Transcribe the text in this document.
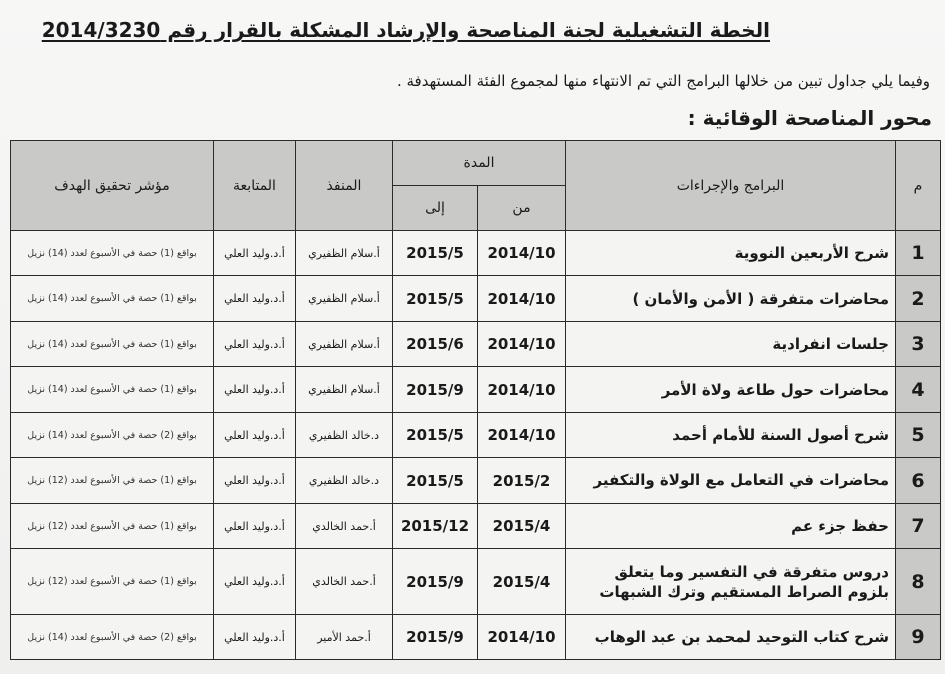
الخطة التشغيلية لجنة المناصحة والإرشاد المشكلة بالقرار رقم 2014/3230
وفيما يلي جداول تبين من خلالها البرامج التي تم الانتهاء منها لمجموع الفئة المستهدفة .
محور المناصحة الوقائية :
م	البرامج والإجراءات	المدة		المنفذ	المتابعة	مؤشر تحقيق الهدف
		من	إلى			
1	شرح الأربعين النووية	2014/10	2015/5	أ.سلام الظفيري	أ.د.وليد العلي	بواقع (1) حصة في الأسبوع لعدد (14) نزيل
2	محاضرات متفرقة ( الأمن والأمان )	2014/10	2015/5	أ.سلام الظفيري	أ.د.وليد العلي	بواقع (1) حصة في الأسبوع لعدد (14) نزيل
3	جلسات انفرادية	2014/10	2015/6	أ.سلام الظفيري	أ.د.وليد العلي	بواقع (1) حصة في الأسبوع لعدد (14) نزيل
4	محاضرات حول طاعة ولاة الأمر	2014/10	2015/9	أ.سلام الظفيري	أ.د.وليد العلي	بواقع (1) حصة في الأسبوع لعدد (14) نزيل
5	شرح أصول السنة للأمام أحمد	2014/10	2015/5	د.خالد الظفيري	أ.د.وليد العلي	بواقع (2) حصة في الأسبوع لعدد (14) نزيل
6	محاضرات في التعامل مع الولاة والتكفير	2015/2	2015/5	د.خالد الظفيري	أ.د.وليد العلي	بواقع (1) حصة في الأسبوع لعدد (12) نزيل
7	حفظ جزء عم	2015/4	2015/12	أ.حمد الخالدي	أ.د.وليد العلي	بواقع (1) حصة في الأسبوع لعدد (12) نزيل
8	دروس متفرقة في التفسير وما يتعلق بلزوم الصراط المستقيم وترك الشبهات	2015/4	2015/9	أ.حمد الخالدي	أ.د.وليد العلي	بواقع (1) حصة في الأسبوع لعدد (12) نزيل
9	شرح كتاب التوحيد لمحمد بن عبد الوهاب	2014/10	2015/9	أ.حمد الأمير	أ.د.وليد العلي	بواقع (2) حصة في الأسبوع لعدد (14) نزيل
